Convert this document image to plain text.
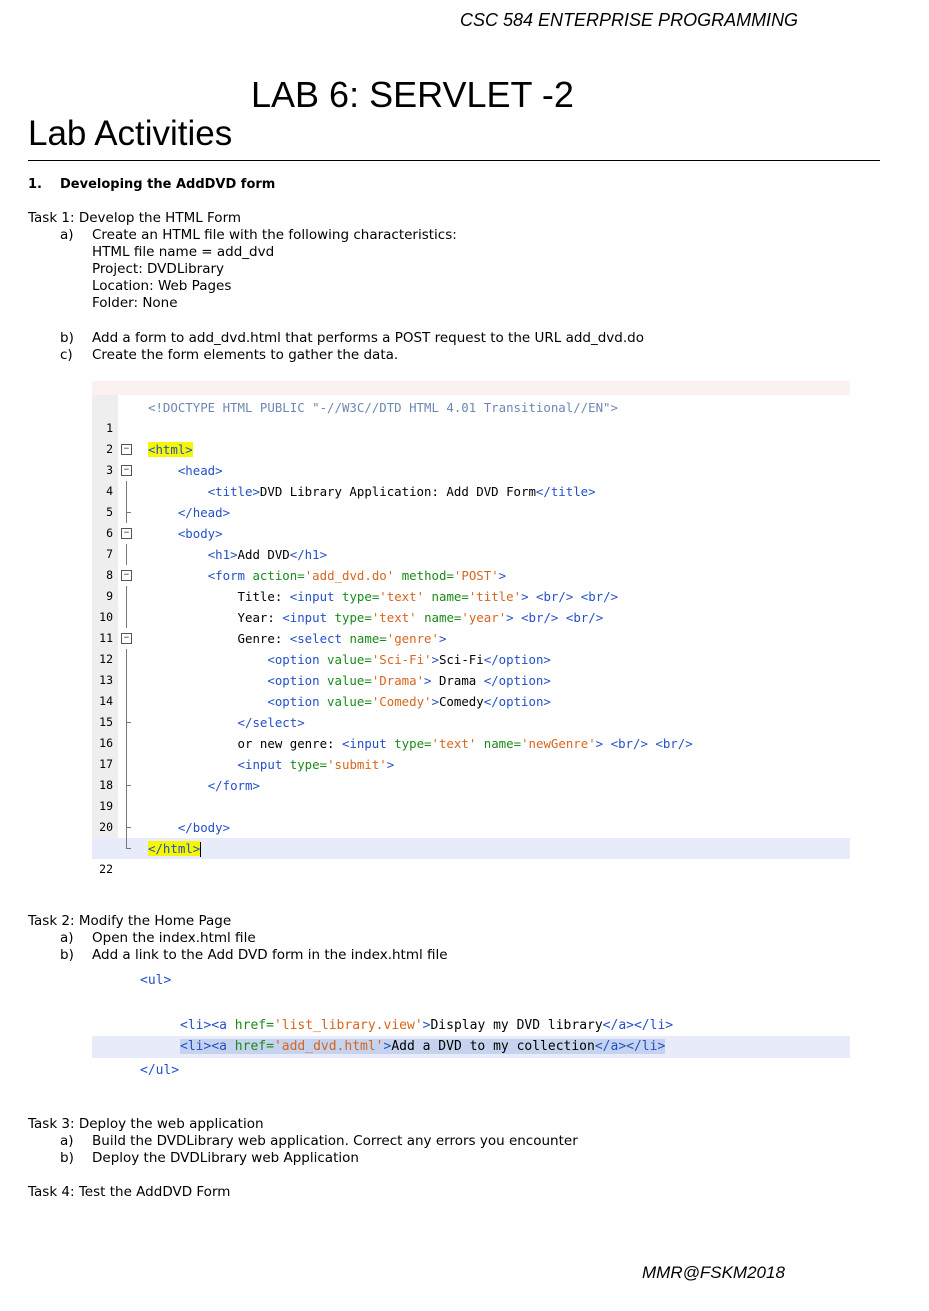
CSC 584 ENTERPRISE PROGRAMMING
LAB 6: SERVLET -2
Lab Activities
1. Developing the AddDVD form
Task 1: Develop the HTML Form
a) Create an HTML file with the following characteristics:
HTML file name = add_dvd
Project: DVDLibrary
Location: Web Pages
Folder: None
b) Add a form to add_dvd.html that performs a POST request to the URL add_dvd.do
c) Create the form elements to gather the data.

1

<!DOCTYPE HTML PUBLIC "-//W3C//DTD HTML 4.01 Transitional//EN">

2

3

−

<html>

4

−

	<head>

5

<title>DVD Library Application: Add DVD Form</title>

6

</head>

7

−

	<body>

8

<h1>Add DVD</h1>

9

−

	<form action='add_dvd.do' method='POST'>

10

Title: <input type='text' name='title'> <br/> <br/>

11

Year: <input type='text' name='year'> <br/> <br/>

12

−

	Genre: <select name='genre'>

13

<option value='Sci-Fi'>Sci-Fi</option>

14

<option value='Drama'> Drama </option>

15

<option value='Comedy'>Comedy</option>

16

</select>

17

or new genre: <input type='text' name='newGenre'> <br/> <br/>

18

<input type='submit'>

19

</form>

20

	</body>

22

</html>

Task 2: Modify the Home Page
a) Open the index.html file
b) Add a link to the Add DVD form in the index.html file
<ul>
<li><a href='list_library.view'>Display my DVD library</a></li>
<li><a href='add_dvd.html'>Add a DVD to my collection</a></li>
</ul>
Task 3: Deploy the web application
a) Build the DVDLibrary web application. Correct any errors you encounter
b) Deploy the DVDLibrary web Application
Task 4: Test the AddDVD Form
MMR@FSKM2018
